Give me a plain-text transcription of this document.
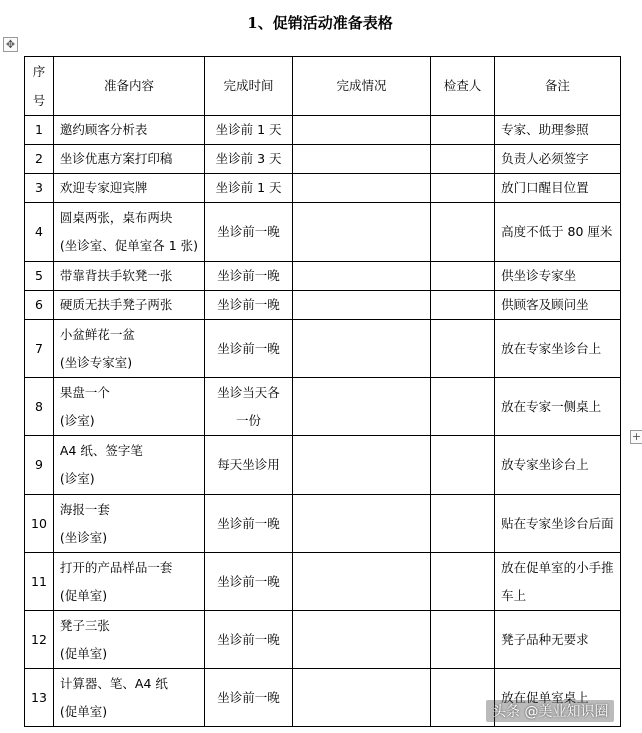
1、促销活动准备表格
✥
+
序
号	准备内容	完成时间	完成情况	检查人	备注
1	邀约顾客分析表	坐诊前 1 天			专家、助理参照

2	坐诊优惠方案打印稿	坐诊前 3 天			负责人必须签字

3	欢迎专家迎宾牌	坐诊前 1 天			放门口醒目位置

4	圆桌两张，桌布两块
(坐诊室、促单室各 1 张)	坐诊前一晚			高度不低于 80 厘米

5	带靠背扶手软凳一张	坐诊前一晚			供坐诊专家坐

6	硬质无扶手凳子两张	坐诊前一晚			供顾客及顾问坐

7	小盆鲜花一盆
(坐诊专家室)	坐诊前一晚			放在专家坐诊台上

8	果盘一个
(诊室)	坐诊当天各
一份			放在专家一侧桌上

9	A4 纸、签字笔
(诊室)	每天坐诊用			放专家坐诊台上

10	海报一套
(坐诊室)	坐诊前一晚			贴在专家坐诊台后面

11	打开的产品样品一套
(促单室)	坐诊前一晚			放在促单室的小手推
车上

12	凳子三张
(促单室)	坐诊前一晚			凳子品种无要求

13	计算器、笔、A4 纸
(促单室)	坐诊前一晚			放在促单室桌上
头条 @美业知识圈
